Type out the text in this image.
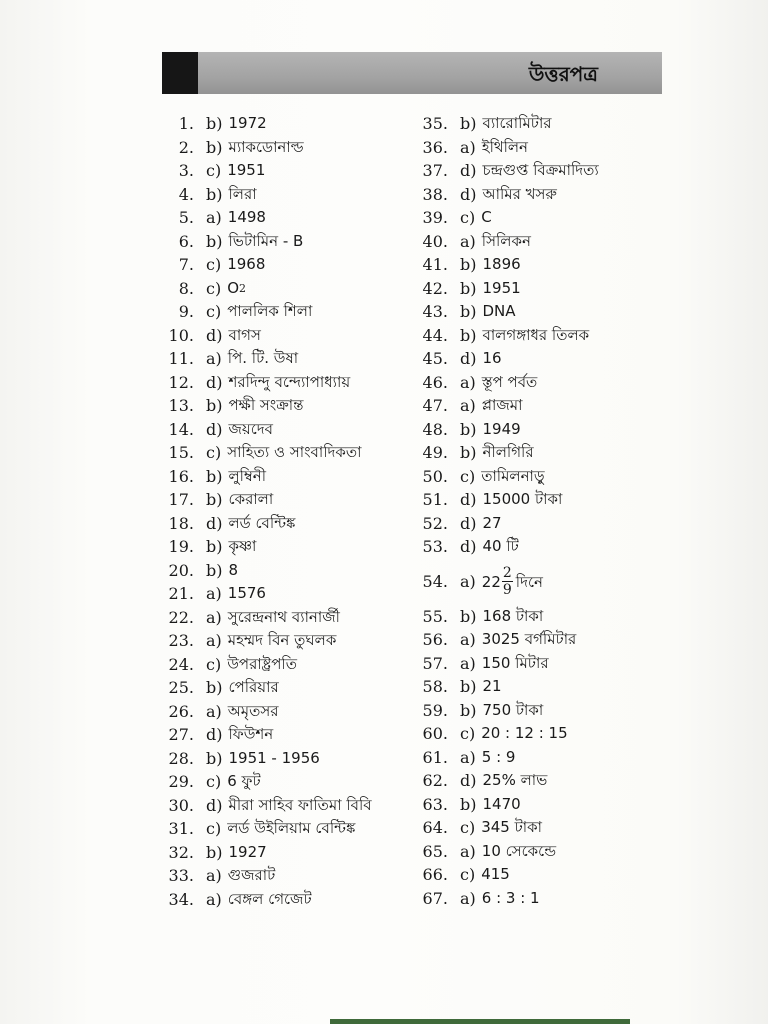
উত্তরপত্র
1. b) 1972
2. b) ম্যাকডোনাল্ড
3. c) 1951
4. b) লিরা
5. a) 1498
6. b) ভিটামিন - B
7. c) 1968
8. c) O 2
9. c) পাললিক শিলা
10. d) বাগস
11. a) পি. টি. উষা
12. d) শরদিন্দু বন্দ্যোপাধ্যায়
13. b) পক্ষী সংক্রান্ত
14. d) জয়দেব
15. c) সাহিত্য ও সাংবাদিকতা
16. b) লুম্বিনী
17. b) কেরালা
18. d) লর্ড বেন্টিঙ্ক
19. b) কৃষ্ণা
20. b) 8
21. a) 1576
22. a) সুরেন্দ্রনাথ ব্যানার্জী
23. a) মহম্মদ বিন তুঘলক
24. c) উপরাষ্ট্রপতি
25. b) পেরিয়ার
26. a) অমৃতসর
27. d) ফিউশন
28. b) 1951 - 1956
29. c) 6 ফুট
30. d) মীরা সাহিব ফাতিমা বিবি
31. c) লর্ড উইলিয়াম বেন্টিঙ্ক
32. b) 1927
33. a) গুজরাট
34. a) বেঙ্গল গেজেট
35. b) ব্যারোমিটার
36. a) ইথিলিন
37. d) চন্দ্রগুপ্ত বিক্রমাদিত্য
38. d) আমির খসরু
39. c) C
40. a) সিলিকন
41. b) 1896
42. b) 1951
43. b) DNA
44. b) বালগঙ্গাধর তিলক
45. d) 16
46. a) স্তূপ পর্বত
47. a) প্লাজমা
48. b) 1949
49. b) নীলগিরি
50. c) তামিলনাড়ু
51. d) 15000 টাকা
52. d) 27
53. d) 40 টি
54. a) $22 \frac{2}{9}$ দিনে
55. b) 168 টাকা
56. a) 3025 বর্গমিটার
57. a) 150 মিটার
58. b) 21
59. b) 750 টাকা
60. c) 20 : 12 : 15
61. a) 5 : 9
62. d) 25% লাভ
63. b) 1470
64. c) 345 টাকা
65. a) 10 সেকেন্ডে
66. c) 415
67. a) 6 : 3 : 1
